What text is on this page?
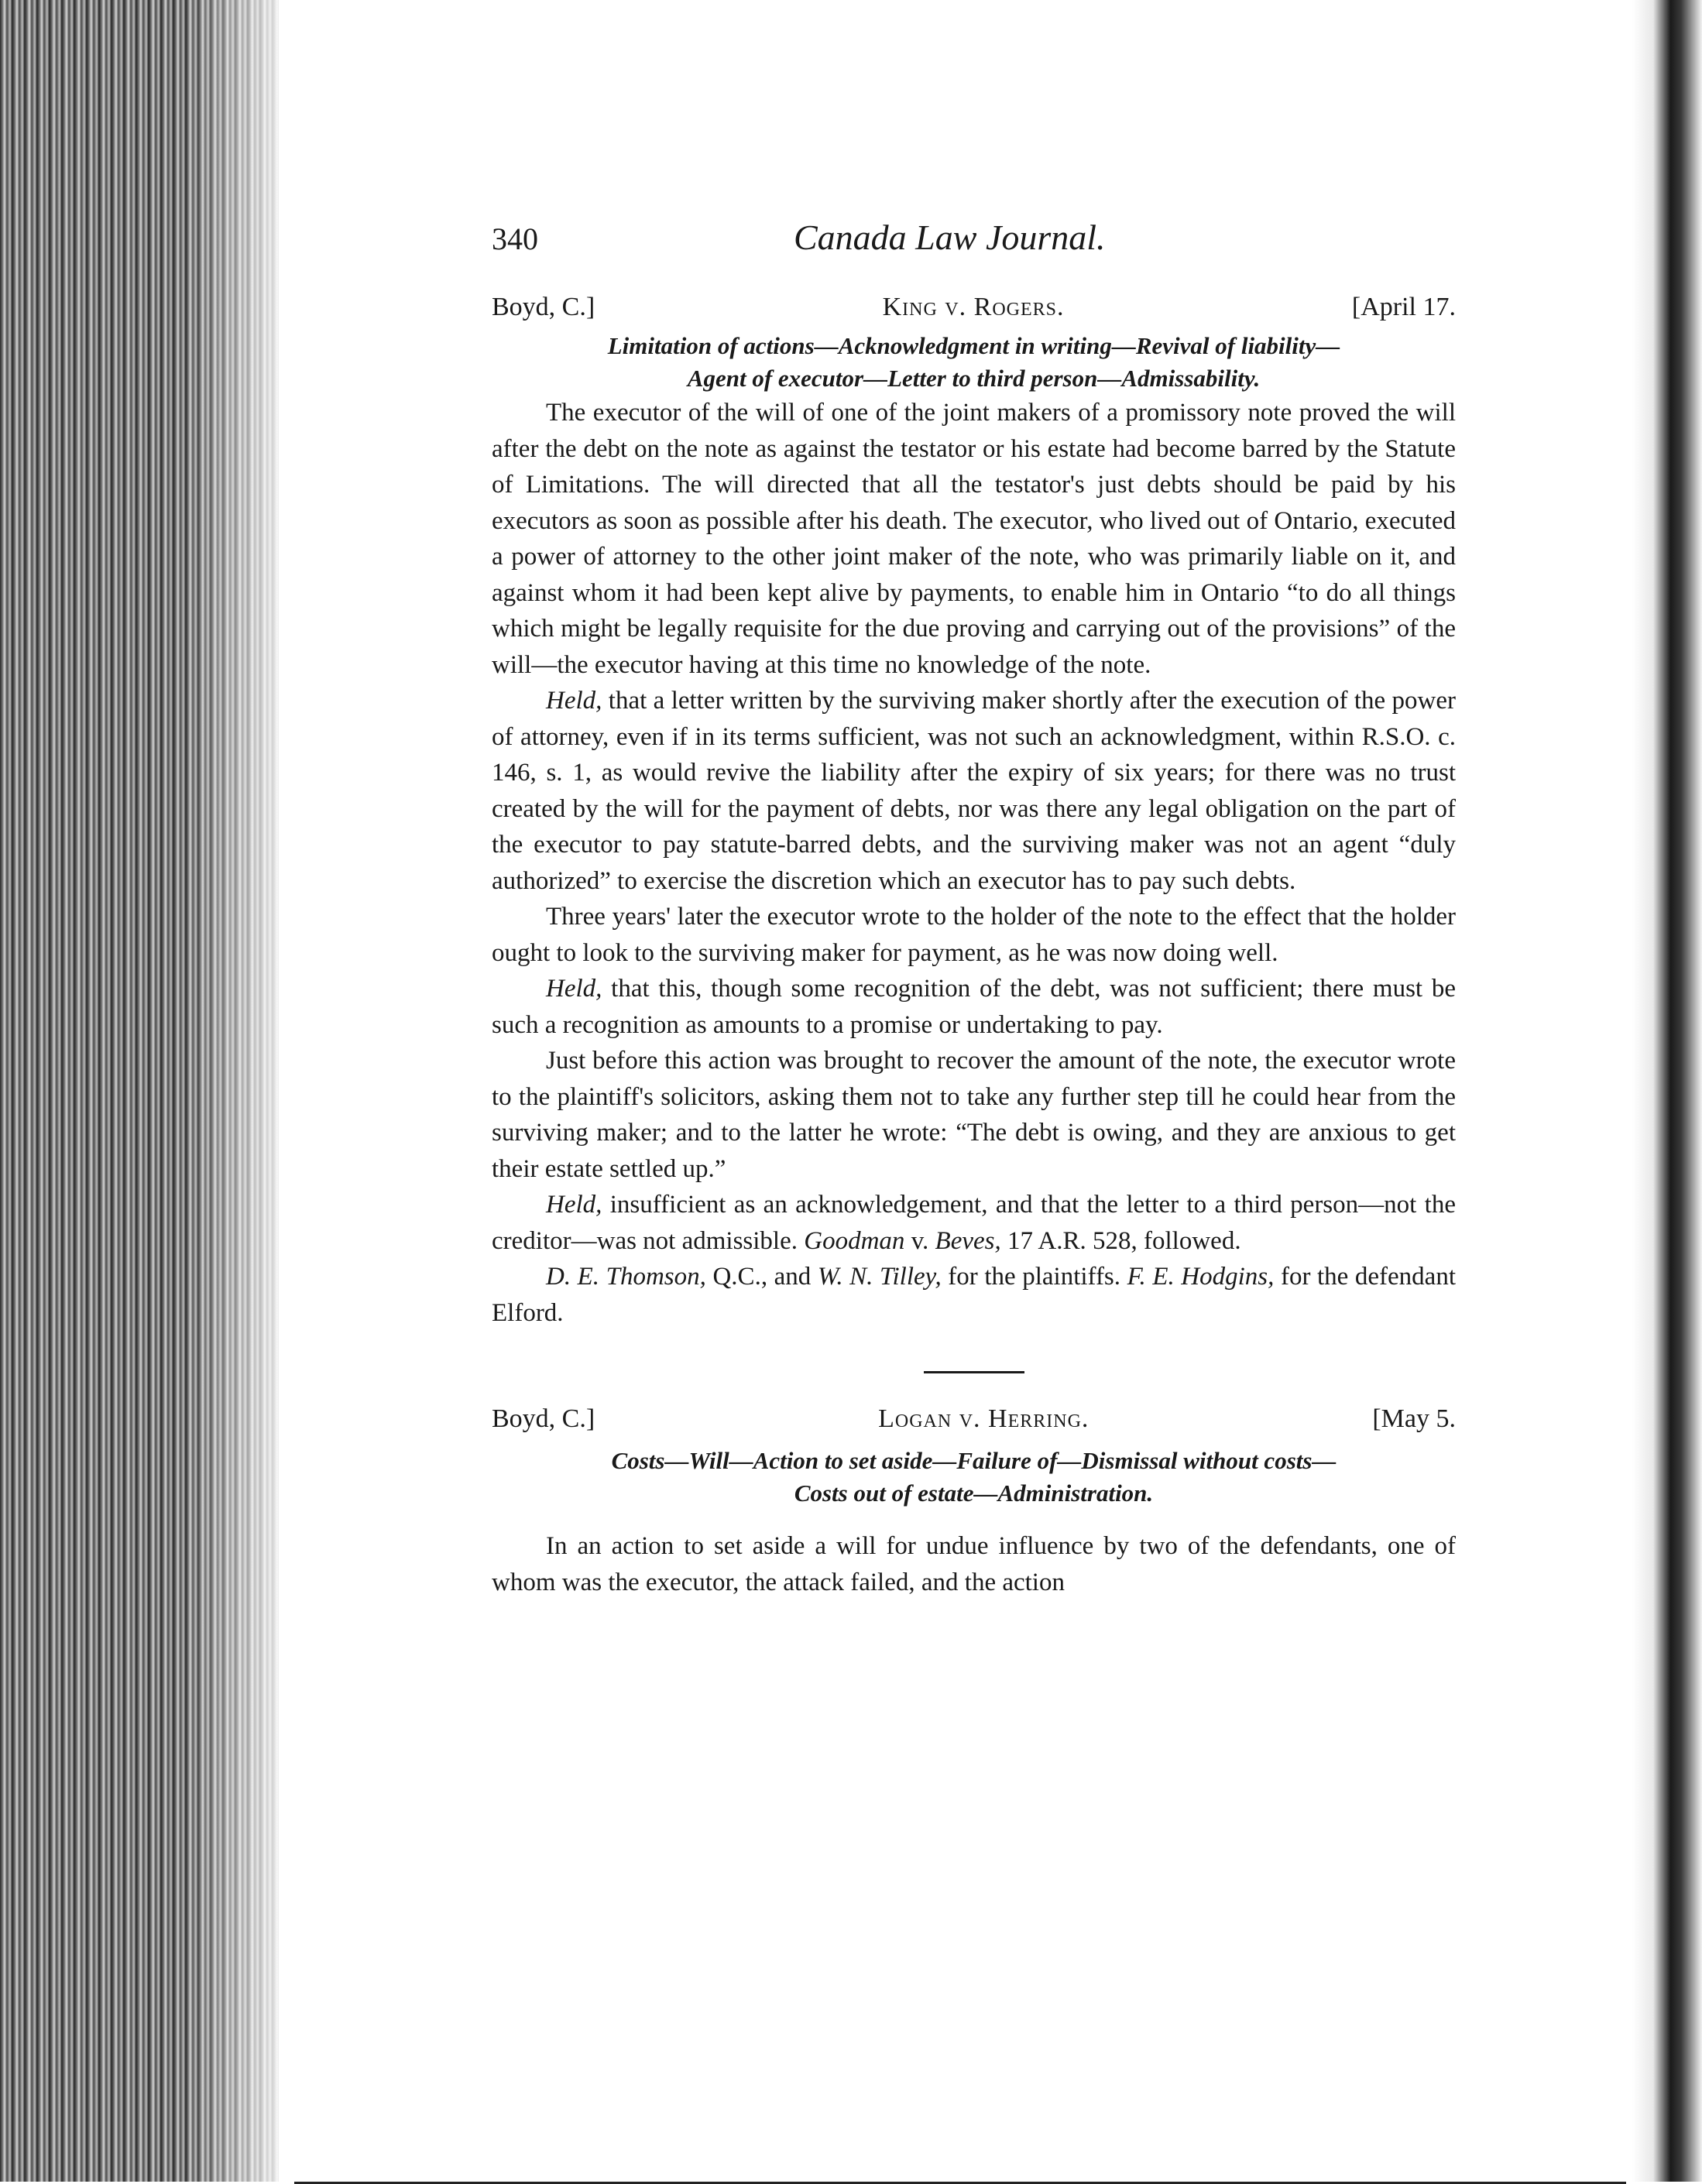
340	Canada Law Journal.
Boyd, C.]	King v. Rogers.	[April 17.
Limitation of actions—Acknowledgment in writing—Revival of liability—
Agent of executor—Letter to third person—Admissability.

The executor of the will of one of the joint makers of a promissory note proved the will after the debt on the note as against the testator or his estate had become barred by the Statute of Limitations. The will directed that all the testator's just debts should be paid by his executors as soon as possible after his death. The executor, who lived out of Ontario, executed a power of attorney to the other joint maker of the note, who was primarily liable on it, and against whom it had been kept alive by payments, to enable him in Ontario “to do all things which might be legally requisite for the due proving and carrying out of the provisions” of the will—the executor having at this time no knowledge of the note.

Held, that a letter written by the surviving maker shortly after the execution of the power of attorney, even if in its terms sufficient, was not such an acknowledgment, within R.S.O. c. 146, s. 1, as would revive the liability after the expiry of six years; for there was no trust created by the will for the payment of debts, nor was there any legal obligation on the part of the executor to pay statute-barred debts, and the surviving maker was not an agent “duly authorized” to exercise the discretion which an executor has to pay such debts.

Three years' later the executor wrote to the holder of the note to the effect that the holder ought to look to the surviving maker for payment, as he was now doing well.

Held, that this, though some recognition of the debt, was not sufficient; there must be such a recognition as amounts to a promise or undertaking to pay.

Just before this action was brought to recover the amount of the note, the executor wrote to the plaintiff's solicitors, asking them not to take any further step till he could hear from the surviving maker; and to the latter he wrote: “The debt is owing, and they are anxious to get their estate settled up.”

Held, insufficient as an acknowledgement, and that the letter to a third person—not the creditor—was not admissible. Goodman v. Beves, 17 A.R. 528, followed.

D. E. Thomson, Q.C., and W. N. Tilley, for the plaintiffs. F. E. Hodgins, for the defendant Elford.

Boyd, C.]	Logan v. Herring.	[May 5.
Costs—Will—Action to set aside—Failure of—Dismissal without costs—
Costs out of estate—Administration.

In an action to set aside a will for undue influence by two of the defendants, one of whom was the executor, the attack failed, and the action
